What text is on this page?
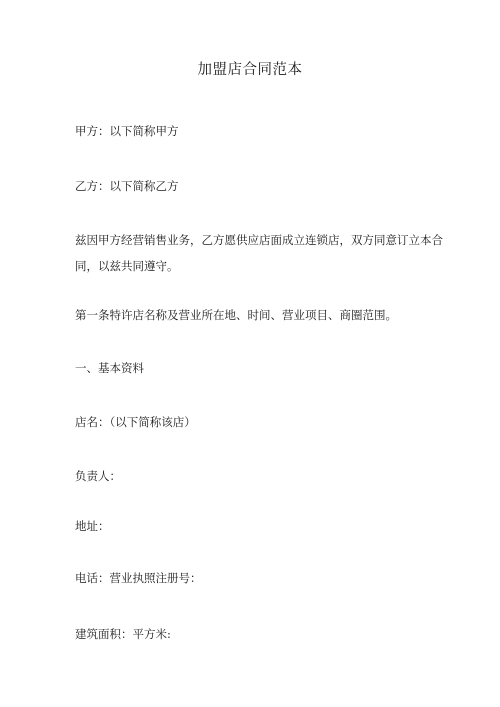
加盟店合同范本
甲方：以下简称甲方
乙方：以下简称乙方
兹因甲方经营销售业务，乙方愿供应店面成立连锁店，双方同意订立本合
同，以兹共同遵守。
第一条特许店名称及营业所在地、时间、营业项目、商圈范围。
一、基本资料
店名：（以下简称该店）
负责人：
地址：
电话：营业执照注册号：
建筑面积：平方米:
